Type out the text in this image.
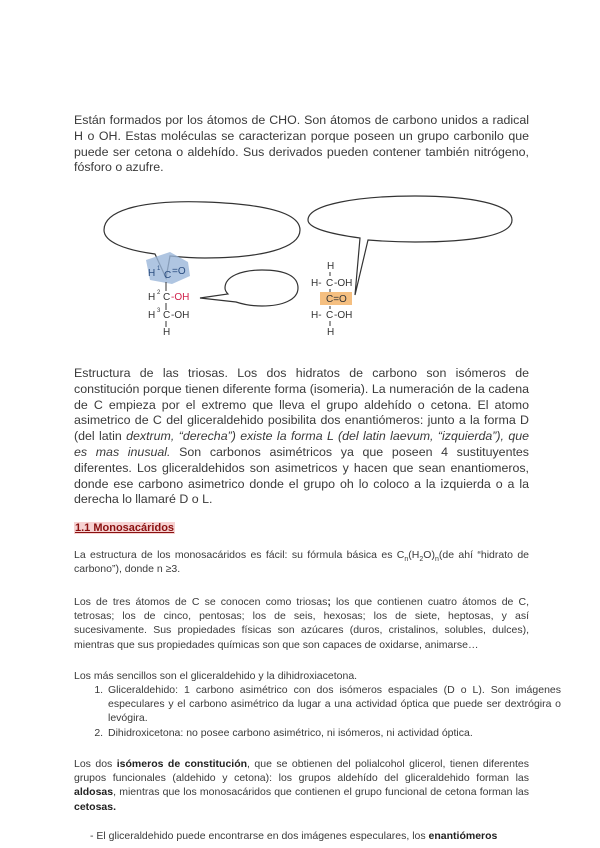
Están formados por los átomos de CHO. Son átomos de carbono unidos a radical H o OH. Estas moléculas se caracterizan porque poseen un grupo carbonilo que puede ser cetona o aldehído. Sus derivados pueden contener también nitrógeno, fósforo o azufre.

H 1
C =O
H 2 C -OH
H 3 C -OH
H
H
H- C -OH
C=O
H- C -OH
H

Estructura de las triosas. Los dos hidratos de carbono son isómeros de constitución porque tienen diferente forma (isomeria). La numeración de la cadena de C empieza por el extremo que lleva el grupo aldehído o cetona. El atomo asimetrico de C del gliceraldehido posibilita dos enantiómeros: junto a la forma D (del latin dextrum, “derecha”) existe la forma L (del latin laevum, “izquierda”), que es mas inusual. Son carbonos asimétricos ya que poseen 4 sustituyentes diferentes. Los gliceraldehidos son asimetricos y hacen que sean enantiomeros, donde ese carbono asimetrico donde el grupo oh lo coloco a la izquierda o a la derecha lo llamaré D o L.

1.1 Monosacáridos

La estructura de los monosacáridos es fácil: su fórmula básica es $C_n(H_2O)_n(de$ ahí “hidrato de carbono”), donde n ≥3.

Los de tres átomos de C se conocen como triosas; los que contienen cuatro átomos de C, tetrosas; los de cinco, pentosas; los de seis, hexosas; los de siete, heptosas, y así sucesivamente. Sus propiedades físicas son azúcares (duros, cristalinos, solubles, dulces), mientras que sus propiedades químicas son que son capaces de oxidarse, animarse…

Los más sencillos son el gliceraldehido y la dihidroxiacetona.

1. Gliceraldehido: 1 carbono asimétrico con dos isómeros espaciales (D o L). Son imágenes especulares y el carbono asimétrico da lugar a una actividad óptica que puede ser dextrógira o levógira.
2. Dihidroxicetona: no posee carbono asimétrico, ni isómeros, ni actividad óptica.

Los dos isómeros de constitución, que se obtienen del polialcohol glicerol, tienen diferentes grupos funcionales (aldehido y cetona): los grupos aldehído del gliceraldehido forman las aldosas, mientras que los monosacáridos que contienen el grupo funcional de cetona forman las cetosas.

- El gliceraldehido puede encontrarse en dos imágenes especulares, los enantiómeros
